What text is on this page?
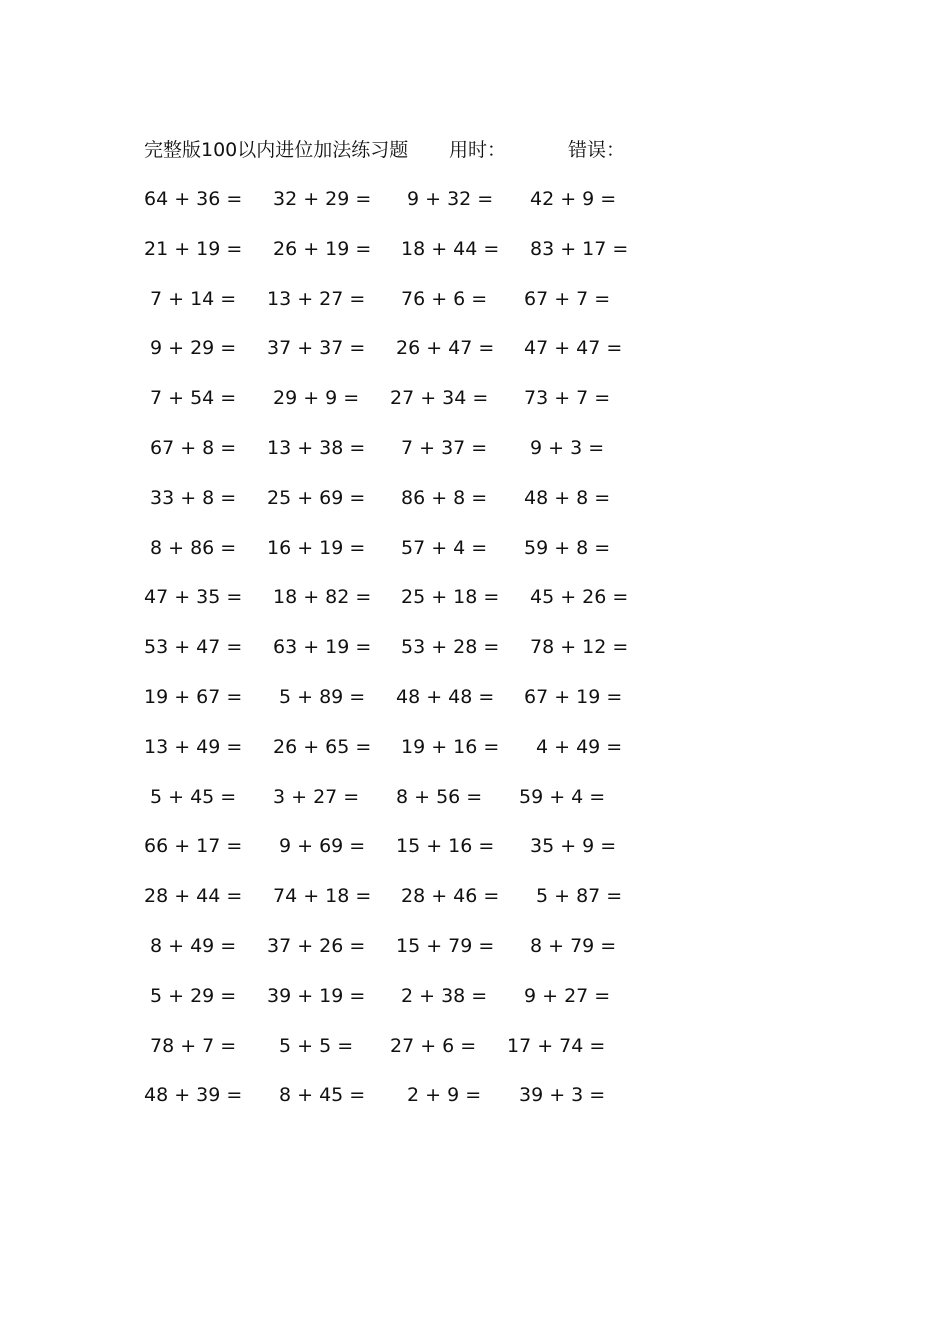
完整版100以内进位加法练习题 用时：	错误：
64 + 36 = 32 + 29 = 9 + 32 = 42 + 9 =
21 + 19 = 26 + 19 = 18 + 44 = 83 + 17 =
7 + 14 = 13 + 27 = 76 + 6 = 67 + 7 =
9 + 29 = 37 + 37 = 26 + 47 = 47 + 47 =
7 + 54 = 29 + 9 = 27 + 34 = 73 + 7 =
67 + 8 = 13 + 38 = 7 + 37 = 9 + 3 =
33 + 8 = 25 + 69 = 86 + 8 = 48 + 8 =
8 + 86 = 16 + 19 = 57 + 4 = 59 + 8 =
47 + 35 = 18 + 82 = 25 + 18 = 45 + 26 =
53 + 47 = 63 + 19 = 53 + 28 = 78 + 12 =
19 + 67 = 5 + 89 = 48 + 48 = 67 + 19 =
13 + 49 = 26 + 65 = 19 + 16 = 4 + 49 =
5 + 45 = 3 + 27 = 8 + 56 = 59 + 4 =
66 + 17 = 9 + 69 = 15 + 16 = 35 + 9 =
28 + 44 = 74 + 18 = 28 + 46 = 5 + 87 =
8 + 49 = 37 + 26 = 15 + 79 = 8 + 79 =
5 + 29 = 39 + 19 = 2 + 38 = 9 + 27 =
78 + 7 = 5 + 5 = 27 + 6 = 17 + 74 =
48 + 39 = 8 + 45 = 2 + 9 = 39 + 3 =
